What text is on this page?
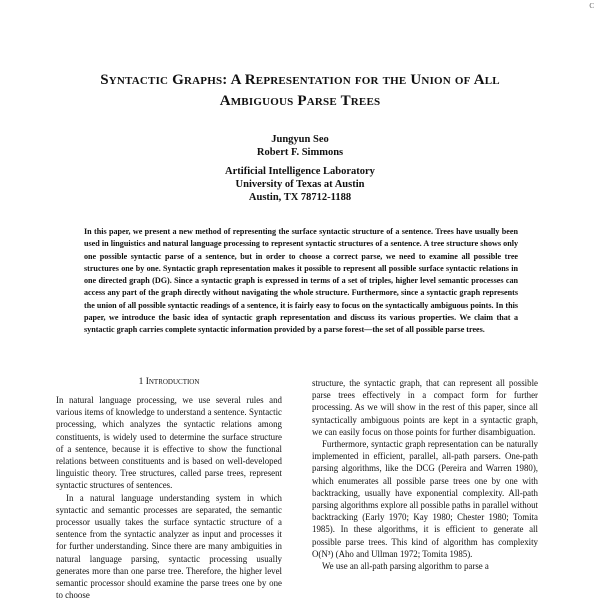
C
Syntactic Graphs: A Representation for the Union of All
Ambiguous Parse Trees
Jungyun Seo
Robert F. Simmons
Artificial Intelligence Laboratory
University of Texas at Austin
Austin, TX 78712-1188

In this paper, we present a new method of representing the surface syntactic structure of a sentence. Trees have usually been used in linguistics and natural language processing to represent syntactic structures of a sentence. A tree structure shows only one possible syntactic parse of a sentence, but in order to choose a correct parse, we need to examine all possible tree structures one by one. Syntactic graph representation makes it possible to represent all possible surface syntactic relations in one directed graph (DG). Since a syntactic graph is expressed in terms of a set of triples, higher level semantic processes can access any part of the graph directly without navigating the whole structure. Furthermore, since a syntactic graph represents the union of all possible syntactic readings of a sentence, it is fairly easy to focus on the syntactically ambiguous points. In this paper, we introduce the basic idea of syntactic graph representation and discuss its various properties. We claim that a syntactic graph carries complete syntactic information provided by a parse forest—the set of all possible parse trees.

1 Introduction

In natural language processing, we use several rules and various items of knowledge to understand a sentence. Syntactic processing, which analyzes the syntactic relations among constituents, is widely used to determine the surface structure of a sentence, because it is effective to show the functional relations between constituents and is based on well-developed linguistic theory. Tree structures, called parse trees, represent syntactic structures of sentences.

In a natural language understanding system in which syntactic and semantic processes are separated, the semantic processor usually takes the surface syntactic structure of a sentence from the syntactic analyzer as input and processes it for further understanding. Since there are many ambiguities in natural language parsing, syntactic processing usually generates more than one parse tree. Therefore, the higher level semantic processor should examine the parse trees one by one to choose

structure, the syntactic graph, that can represent all possible parse trees effectively in a compact form for further processing. As we will show in the rest of this paper, since all syntactically ambiguous points are kept in a syntactic graph, we can easily focus on those points for further disambiguation.

Furthermore, syntactic graph representation can be naturally implemented in efficient, parallel, all-path parsers. One-path parsing algorithms, like the DCG (Pereira and Warren 1980), which enumerates all possible parse trees one by one with backtracking, usually have exponential complexity. All-path parsing algorithms explore all possible paths in parallel without backtracking (Early 1970; Kay 1980; Chester 1980; Tomita 1985). In these algorithms, it is efficient to generate all possible parse trees. This kind of algorithm has complexity O(N³) (Aho and Ullman 1972; Tomita 1985).

We use an all-path parsing algorithm to parse a
